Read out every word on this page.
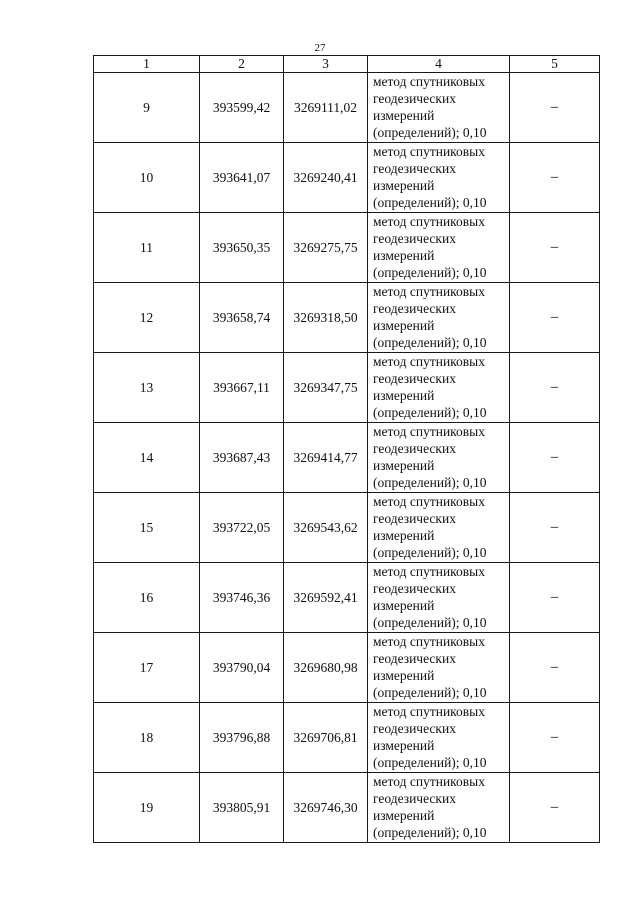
27
1	2	3	4	5
9	393599,42	3269111,02	метод спутниковых
геодезических
измерений
(определений); 0,10	–
10	393641,07	3269240,41	метод спутниковых
геодезических
измерений
(определений); 0,10	–
11	393650,35	3269275,75	метод спутниковых
геодезических
измерений
(определений); 0,10	–
12	393658,74	3269318,50	метод спутниковых
геодезических
измерений
(определений); 0,10	–
13	393667,11	3269347,75	метод спутниковых
геодезических
измерений
(определений); 0,10	–
14	393687,43	3269414,77	метод спутниковых
геодезических
измерений
(определений); 0,10	–
15	393722,05	3269543,62	метод спутниковых
геодезических
измерений
(определений); 0,10	–
16	393746,36	3269592,41	метод спутниковых
геодезических
измерений
(определений); 0,10	–
17	393790,04	3269680,98	метод спутниковых
геодезических
измерений
(определений); 0,10	–
18	393796,88	3269706,81	метод спутниковых
геодезических
измерений
(определений); 0,10	–
19	393805,91	3269746,30	метод спутниковых
геодезических
измерений
(определений); 0,10	–
